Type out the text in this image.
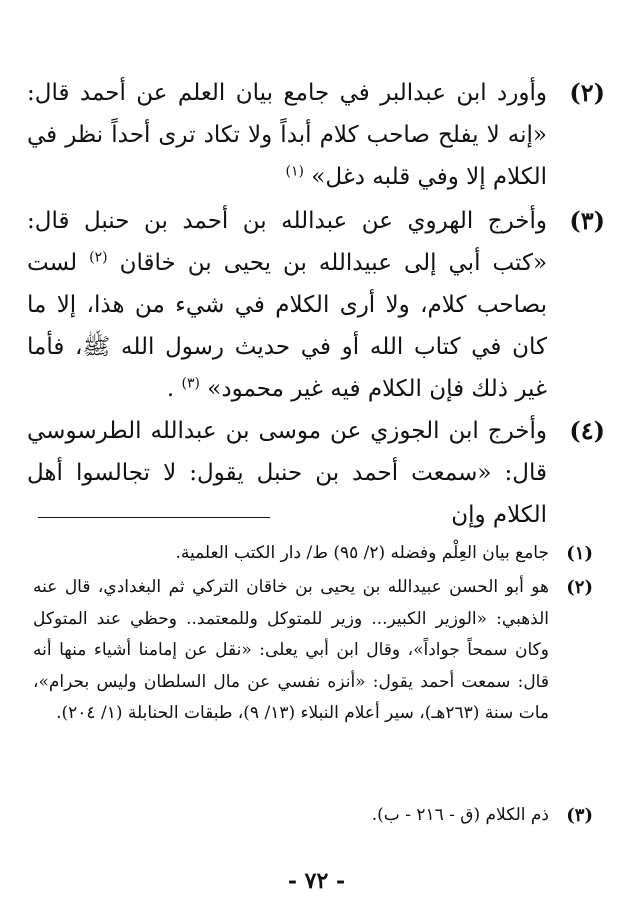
(٢)
وأورد ابن عبدالبر في جامع بيان العلم عن أحمد قال: «إنه لا يفلح صاحب كلام أبداً ولا تكاد ترى أحداً نظر في الكلام إلا وفي قلبه دغل» $^{(١)}$
(٣)
وأخرج الهروي عن عبدالله بن أحمد بن حنبل قال: «كتب أبي إلى عبيدالله بن يحيى بن خاقان $^{(٢)}$ لست بصاحب كلام، ولا أرى الكلام في شيء من هذا، إلا ما كان في كتاب الله أو في حديث رسول الله ﷺ، فأما غير ذلك فإن الكلام فيه غير محمود» $^{(٣)}$ .
(٤)
وأخرج ابن الجوزي عن موسى بن عبدالله الطرسوسي قال: «سمعت أحمد بن حنبل يقول: لا تجالسوا أهل الكلام وإن
(١)
جامع بيان العِلْم وفضله (٢/ ٩٥) ط/ دار الكتب العلمية.
(٢)
هو أبو الحسن عبيدالله بن يحيى بن خاقان التركي ثم البغدادي، قال عنه الذهبي: «الوزير الكبير... وزير للمتوكل وللمعتمد.. وحظي عند المتوكل وكان سمحاً جواداً»، وقال ابن أبي يعلى: «نقل عن إمامنا أشياء منها أنه قال: سمعت أحمد يقول: «أنزه نفسي عن مال السلطان وليس بحرام»، مات سنة (٢٦٣هـ)، سير أعلام النبلاء (١٣/ ٩)، طبقات الحنابلة (١/ ٢٠٤).
(٣)
ذم الكلام (ق - ٢١٦ - ب).
- ٧٢ -
